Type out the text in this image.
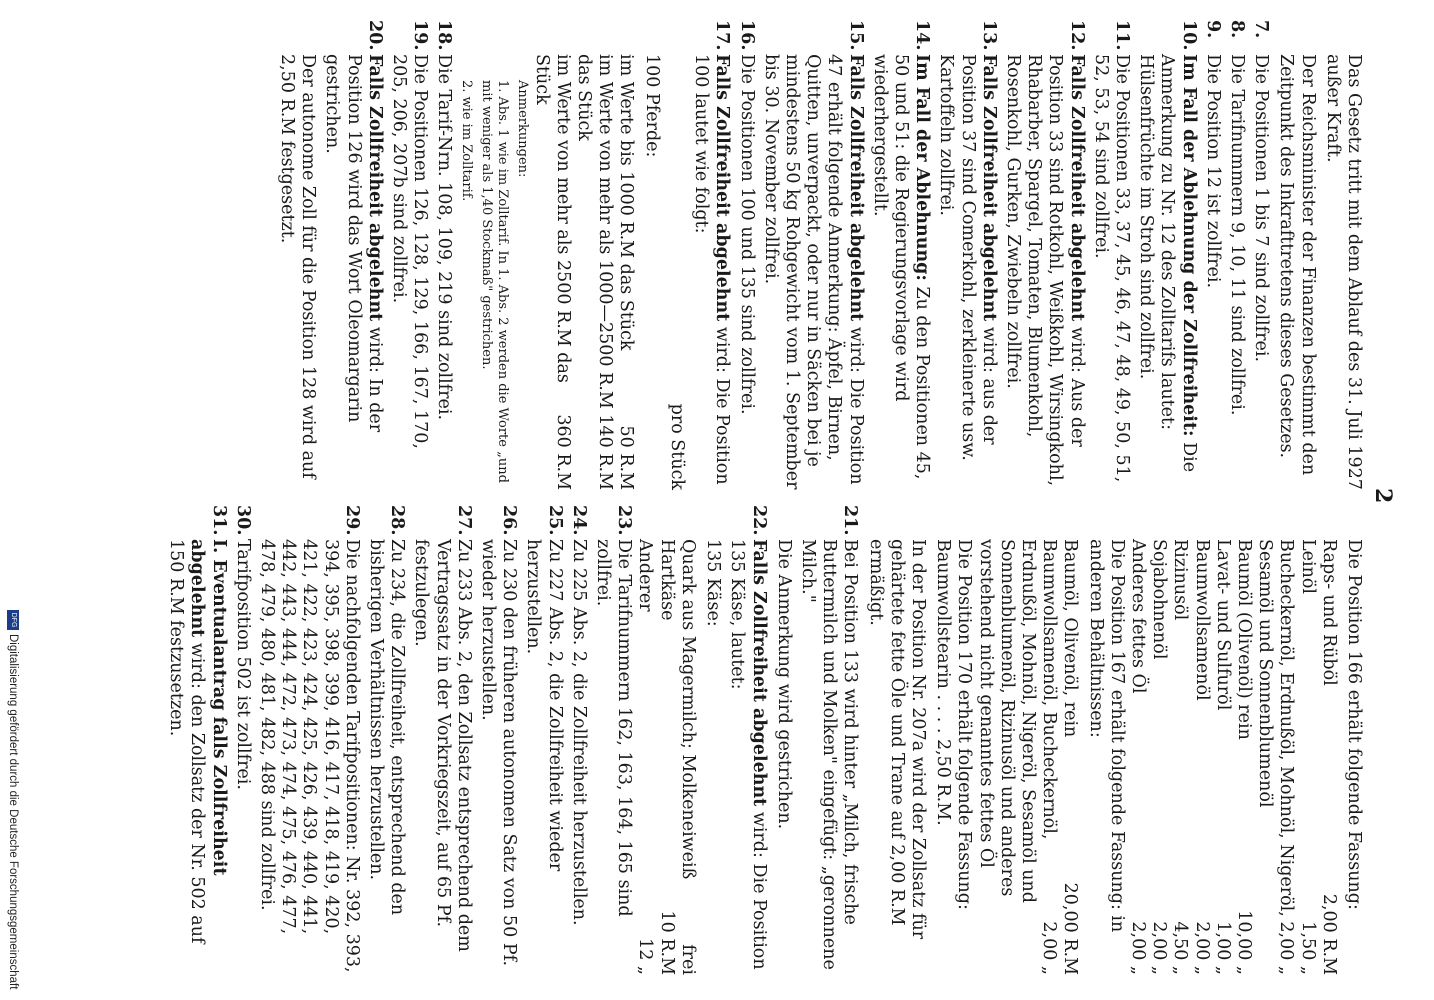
2
Das Gesetz tritt mit dem Ablauf des 31. Juli 1927 außer Kraft.
Der Reichsminister der Finanzen bestimmt den Zeitpunkt des Inkrafttretens dieses Gesetzes.
7.
Die Positionen 1 bis 7 sind zollfrei.
8.
Die Tarifnummern 9, 10, 11 sind zollfrei.
9.
Die Position 12 ist zollfrei.
10.
Im Fall der Ablehnung der Zollfreiheit: Die Anmerkung zu Nr. 12 des Zolltarifs lautet: Hülsenfrüchte im Stroh sind zollfrei.
11.
Die Positionen 33, 37, 45, 46, 47, 48, 49, 50, 51, 52, 53, 54 sind zollfrei.
12.
Falls Zollfreiheit abgelehnt wird: Aus der Position 33 sind Rotkohl, Weißkohl, Wirsingkohl, Rhabarber, Spargel, Tomaten, Blumenkohl, Rosenkohl, Gurken, Zwiebeln zollfrei.
13.
Falls Zollfreiheit abgelehnt wird: aus der Position 37 sind Comerkohl, zerkleinerte usw. Kartoffeln zollfrei.
14.
Im Fall der Ablehnung: Zu den Positionen 45, 50 und 51: die Regierungsvorlage wird wiederhergestellt.
15.
Falls Zollfreiheit abgelehnt wird: Die Position 47 erhält folgende Anmerkung: Äpfel, Birnen, Quitten, unverpackt, oder nur in Säcken bei je mindestens 50 kg Rohgewicht vom 1. September bis 30. November zollfrei.
16.
Die Positionen 100 und 135 sind zollfrei.
17.
Falls Zollfreiheit abgelehnt wird: Die Position 100 lautet wie folgt:
pro Stück
100 Pferde:
im Werte bis 1000 R.M das Stück
50 R.M
im Werte von mehr als 1000—2500 R.M das Stück
140 R.M
im Werte von mehr als 2500 R.M das Stück
360 R.M
Anmerkungen:
1. Abs. 1 wie im Zolltarif. In 1. Abs. 2 werden die Worte „und mit weniger als 1,40 Stockmaß" gestrichen.
2. wie im Zolltarif.
18.
Die Tarif-Nrn. 108, 109, 219 sind zollfrei.
19.
Die Positionen 126, 128, 129, 166, 167, 170, 205, 206, 207b sind zollfrei.
20.
Falls Zollfreiheit abgelehnt wird: In der Position 126 wird das Wort Oleomargarin gestrichen.
Der autonome Zoll für die Position 128 wird auf 2,50 R.M festgesetzt.
Die Position 166 erhält folgende Fassung:
Raps- und Rüböl
2,00 R.M
Leinöl
1,50 „
Bucheckernöl, Erdnußöl, Mohnöl, Nigeröl, Sesamöl und Sonnenblumenöl
2,00 „
Baumöl (Olivenöl) rein
10,00 „
Lavat- und Sulfuröl
1,00 „
Baumwollsamenöl
2,00 „
Rizinusöl
4,50 „
Sojabohnenöl
2,00 „
Anderes fettes Öl
2,00 „
Die Position 167 erhält folgende Fassung: in anderen Behältnissen:
Baumöl, Olivenöl, rein
20,00 R.M
Baumwollsamenöl, Bucheckernöl, Erdnußöl, Mohnöl, Nigeröl, Sesamöl und Sonnenblumenöl, Rizinusöl und anderes vorstehend nicht genanntes fettes Öl
2,00 „
Die Position 170 erhält folgende Fassung: Baumwollstearin . . . . 2,50 R.M.
In der Position Nr. 207a wird der Zollsatz für gehärtete fette Öle und Trane auf 2,00 R.M ermäßigt.
21.
Bei Position 133 wird hinter „Milch, frische Buttermilch und Molken" eingefügt: „geronnene Milch."
Die Anmerkung wird gestrichen.
22.
Falls Zollfreiheit abgelehnt wird: Die Position 135 Käse, lautet:
135 Käse:
Quark aus Magermilch; Molkeneiweiß
frei
Hartkäse
10 R.M
Anderer
12 „
23.
Die Tarifnummern 162, 163, 164, 165 sind zollfrei.
24.
Zu 225 Abs. 2, die Zollfreiheit herzustellen.
25.
Zu 227 Abs. 2, die Zollfreiheit wieder herzustellen.
26.
Zu 230 den früheren autonomen Satz von 50 Pf. wieder herzustellen.
27.
Zu 233 Abs. 2, den Zollsatz entsprechend dem Vertragssatz in der Vorkriegszeit, auf 65 Pf. festzulegen.
28.
Zu 234, die Zollfreiheit, entsprechend den bisherigen Verhältnissen herzustellen.
29.
Die nachfolgenden Tarifpositionen: Nr. 392, 393, 394, 395, 398, 399, 416, 417, 418, 419, 420, 421, 422, 423, 424, 425, 426, 439, 440, 441, 442, 443, 444, 472, 473, 474, 475, 476, 477, 478, 479, 480, 481, 482, 488 sind zollfrei.
30.
Tarifposition 502 ist zollfrei.
31.
I. Eventualantrag falls Zollfreiheit abgelehnt wird: den Zollsatz der Nr. 502 auf 150 R.M festzusetzen.
DFGDigitalisierung gefördert durch die Deutsche Forschungsgemeinschaft
